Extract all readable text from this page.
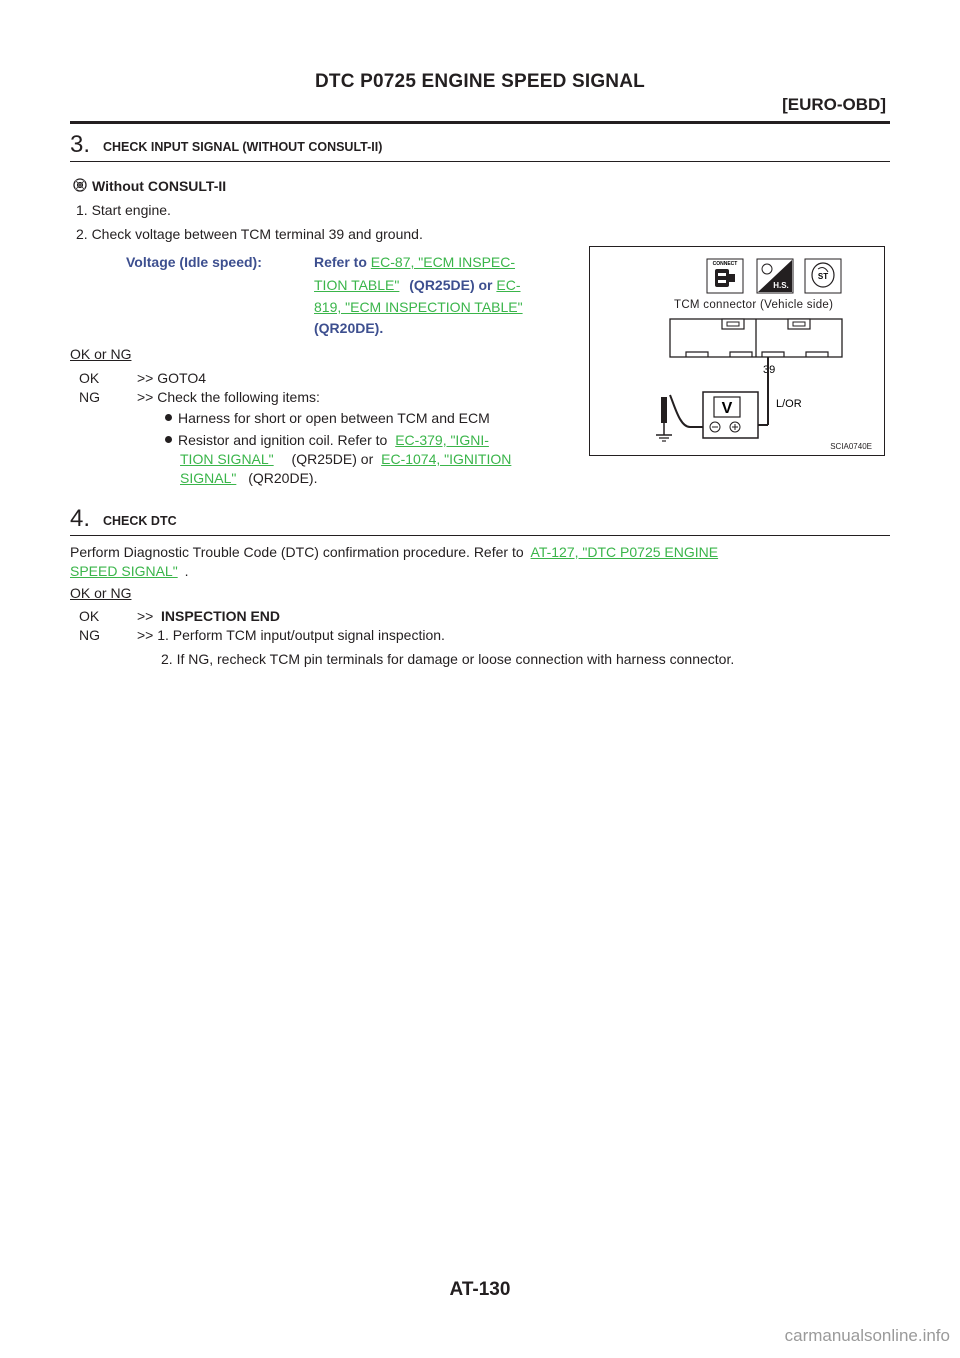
DTC P0725 ENGINE SPEED SIGNAL
[EURO-OBD]
3. CHECK INPUT SIGNAL (WITHOUT CONSULT-II)
Without CONSULT-II
1. Start engine.
2. Check voltage between TCM terminal 39 and ground.
Voltage (Idle speed):	Refer to EC-87, "ECM INSPEC-
TION TABLE" (QR25DE) or EC-
819, "ECM INSPECTION TABLE"
(QR20DE).
OK or NG
OK	>> GOTO4
NG	>> Check the following items:
Harness for short or open between TCM and ECM
Resistor and ignition coil. Refer to EC-379, "IGNI-
TION SIGNAL" (QR25DE) or EC-1074, "IGNITION
SIGNAL" (QR20DE).
CONNECT
H.S.
ST
39
L/OR
V
TCM connector (Vehicle side)
SCIA0740E
4. CHECK DTC
Perform Diagnostic Trouble Code (DTC) confirmation procedure. Refer to AT-127, "DTC P0725 ENGINE
SPEED SIGNAL" .
OK or NG
OK	>> INSPECTION END
NG	>> 1. Perform TCM input/output signal inspection.
2. If NG, recheck TCM pin terminals for damage or loose connection with harness connector.
AT-130
carmanualsonline.info
